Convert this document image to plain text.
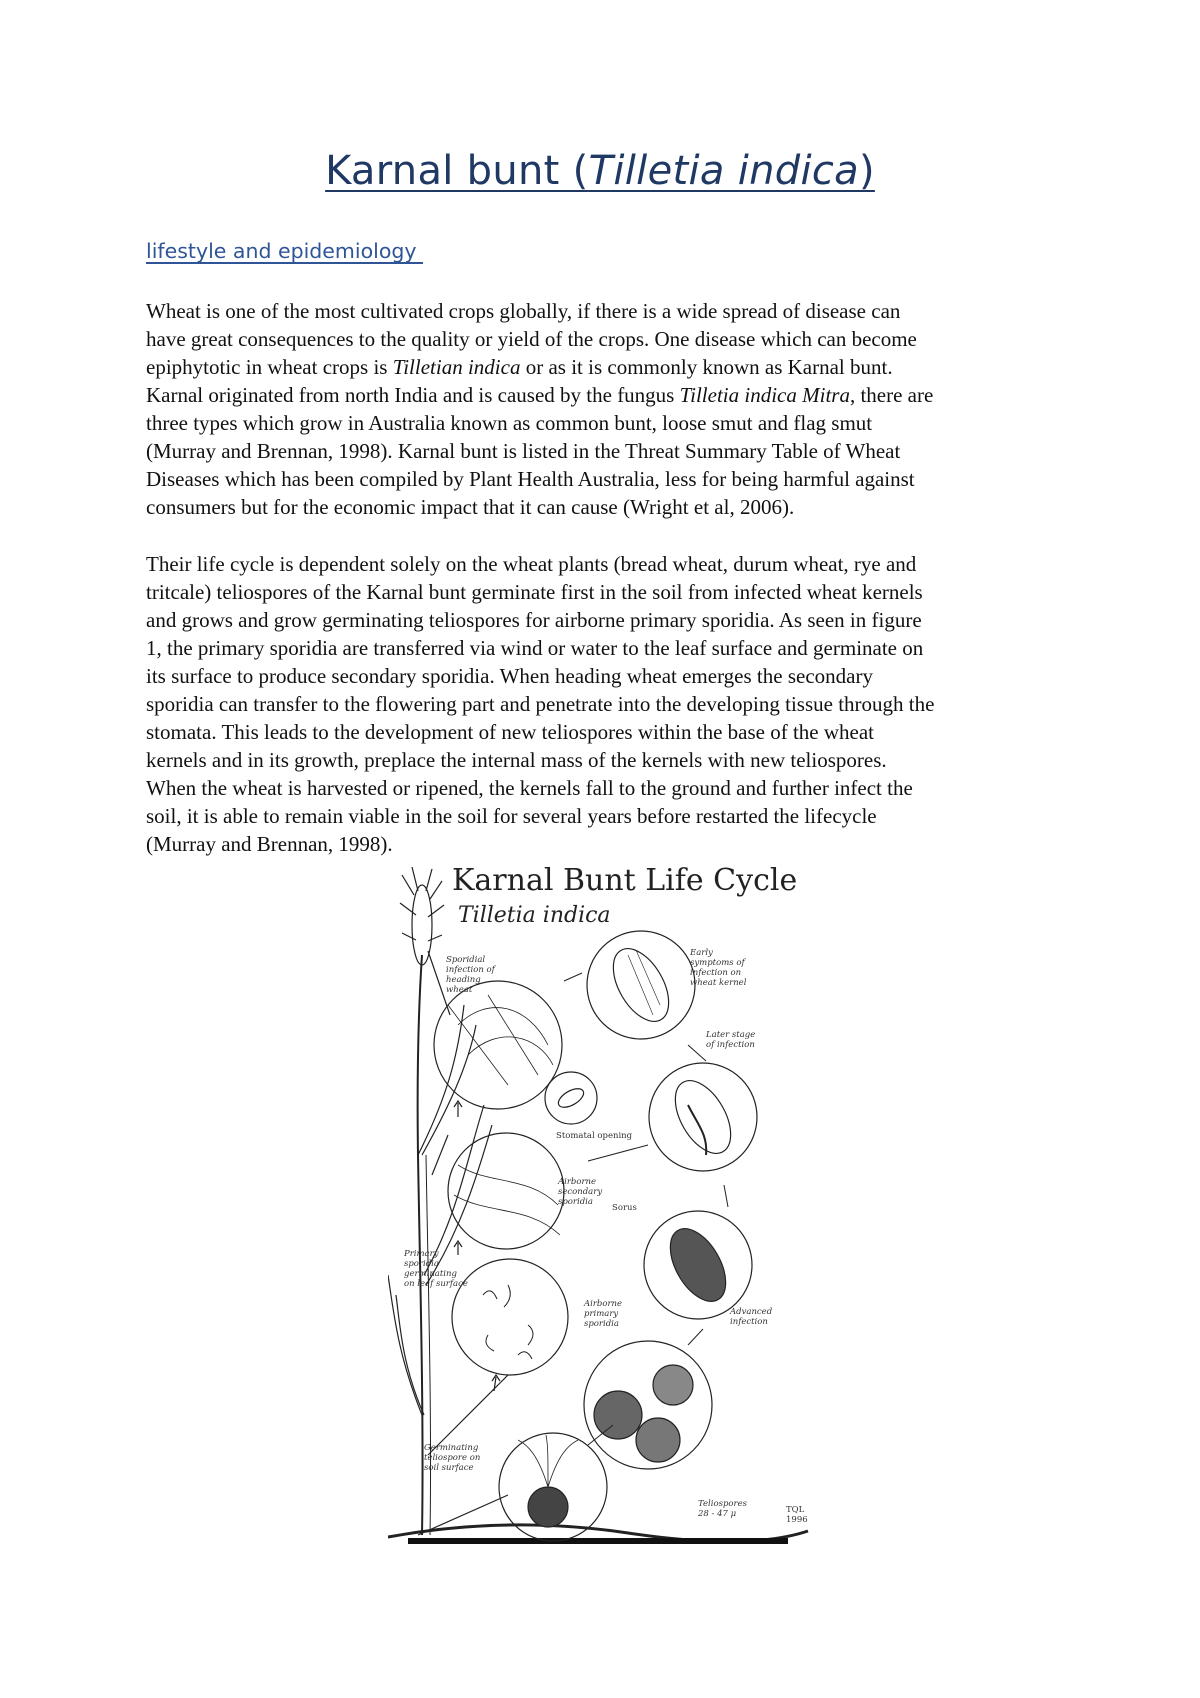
Karnal bunt (Tilletia indica)
lifestyle and epidemiology

Wheat is one of the most cultivated crops globally, if there is a wide spread of disease can
have great consequences to the quality or yield of the crops. One disease which can become
epiphytotic in wheat crops is Tilletian indica or as it is commonly known as Karnal bunt.
Karnal originated from north India and is caused by the fungus Tilletia indica Mitra, there are
three types which grow in Australia known as common bunt, loose smut and flag smut
(Murray and Brennan, 1998). Karnal bunt is listed in the Threat Summary Table of Wheat
Diseases which has been compiled by Plant Health Australia, less for being harmful against
consumers but for the economic impact that it can cause (Wright et al, 2006).

Their life cycle is dependent solely on the wheat plants (bread wheat, durum wheat, rye and
tritcale) teliospores of the Karnal bunt germinate first in the soil from infected wheat kernels
and grows and grow germinating teliospores for airborne primary sporidia. As seen in figure
1, the primary sporidia are transferred via wind or water to the leaf surface and germinate on
its surface to produce secondary sporidia. When heading wheat emerges the secondary
sporidia can transfer to the flowering part and penetrate into the developing tissue through the
stomata. This leads to the development of new teliospores within the base of the wheat
kernels and in its growth, preplace the internal mass of the kernels with new teliospores.
When the wheat is harvested or ripened, the kernels fall to the ground and further infect the
soil, it is able to remain viable in the soil for several years before restarted the lifecycle
(Murray and Brennan, 1998).

Karnal Bunt Life Cycle

Tilletia indica

Sporidial
infection of
heading
wheat
Early
symptoms of
infection on
wheat kernel
Later stage
of infection
Stomatal opening
Airborne
secondary
sporidia
Sorus
Primary
sporidia
germinating
on leaf surface
Airborne
primary
sporidia
Advanced
infection
Germinating
teliospore on
soil surface
Teliospores
28 - 47 μ	TQL
1996
